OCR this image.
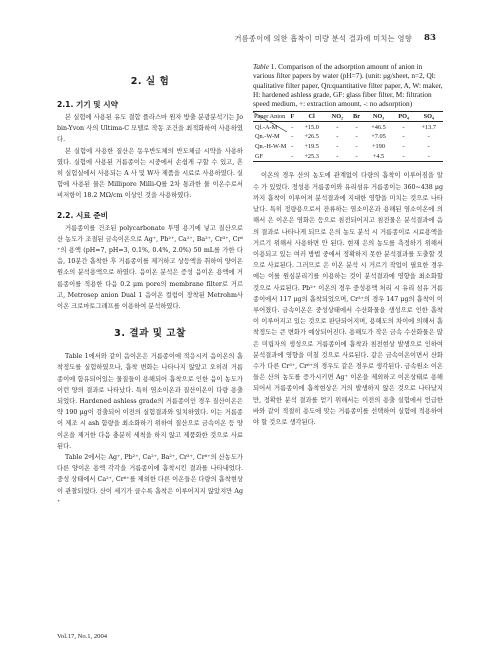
거름종이에 의한 흡착이 미량 분석 결과에 미치는 영향 83
2. 실 험
2.1. 기기 및 시약

본 실험에 사용된 유도 결합 플라스마 원자 방출 분광분석기는 Jobin-Yvon 사의 Ultima-C 모델로 작동 조건을 최적화하여 사용하였다.

본 실험에 사용한 질산은 동우반도체의 반도체급 시약을 사용하였다. 실험에 사용된 거름종이는 시중에서 손쉽게 구할 수 있고, 흔히 실험실에서 사용되는 A 사 및 W사 제품을 시료로 사용하였다. 실험에 사용된 물은 Millipore Milli-Q를 2차 통과한 물 이온수로서 비저항이 18.2 MΩ/cm 이상인 것을 사용하였다.

2.2. 시료 준비

거름종이를 건조된 polycarbonate 투명 용기에 넣고 질산으로 산 농도가 조절된 금속이온으로 Ag⁺, Pb²⁺, Ca²⁺, Ba²⁺, Cr³⁺, Cr⁶⁺의 용액 (pH=7, pH=3, 0.1%, 0.4%, 2.0%) 50 mL를 가한 다음, 10분간 흡착한 후 거름종이를 제거하고 상등액을 취하여 양이온 원소의 분석용액으로 하였다. 음이온 분석은 증성 음이온 용액에 거름종이를 적용한 다음 0.2 μm pore의 membrane filter로 거르고, Metrosep anion Dual 1 음이온 컬럼이 장착된 Metrohm사 이온 크로마토그래프를 이용하여 분석하였다.

3. 결과 및 고찰

Table 1에서와 같이 음이온은 거름종이에 적응시켜 음이온의 흡착정도를 실험하였으나, 흡착 변화는 나타나지 않았고 오히려 거름종이에 함유되어있는 물질들이 용해되어 흡착으로 인한 음이 농도가 이런 양의 결과로 나타났다. 특히 염소이온과 질산이온이 다량 용출되었다. Hardened ashless grade의 거름종이인 경우 질산이온은 약 190 μg이 검출되어 이전의 실험결과와 일치하였다. 이는 거름종이 제조 시 ash 함량을 최소화하기 위하여 질산으로 금속이온 등 양이온을 제거한 다음 충분히 세척을 하지 않고 제품화한 것으로 사료된다.

Table 2에서는 Ag⁺, Pb²⁺, Ca²⁺, Ba²⁺, Cr³⁺, Cr⁶⁺의 산농도가 다른 양이온 용액 각각을 거름종이에 흡착시킨 결과를 나타내었다. 중성 상태에서 Ca²⁺, Cr⁶⁺를 제외한 다른 이온들은 다량의 흡착현상이 관찰되었다. 산이 세기가 클수록 흡착은 이루어지지 않았지만 Ag⁺

Table 1. Comparison of the adsorption amount of anion in various filter papers by water (pH=7). (unit: μg/sheet, n=2, Ql: qualitative filter paper, Qn:quantitative filter paper, A, W: maker, H: hardened ashless grade, GF: glass fiber filter, M: filtration speed medium, +: extraction amount, -: no adsorption)
Anion
Paper	F	Cl	NO₂	Br	NO₃	PO₄	SO₄
Ql.-A-M	-	+15.0	-	-	+46.5	-	+13.7
Qn.-W-M	-	+26.5	-	-	+7.05	-	-
Qn.-H-W-M	-	+19.5	-	-	+190	-	-
GF	-	+25.3	-	-	+4.5	-	-

이온의 경우 산의 농도에 관계없이 다량의 흡착이 이루어짐을 알 수 가 있었다. 정성용 거름종이와 유리섬유 거름종이는 360~438 μg 까지 흡착이 이루어져 분석결과에 지대한 영향을 미치는 것으로 나타났다. 특히 정량용으로서 잔류하는 염소이온과 용해된 염소이온에 의해서 은 이온은 염화은 등으로 침전되어지고 침전물은 분석결과에 음의 결과로 나타나게 되므로 은의 농도 분석 시 거름종이로 시료용액을 거르기 위해서 사용하면 안 된다. 현재 은의 농도를 측정하기 위해서 이용되고 있는 여러 방법 중에서 정확하지 못한 분석결과를 도출할 것으로 사료된다. 그러므로 은 이온 분석 시 거르기 작업이 필요한 경우에는 이를 원심분리기를 이용하는 것이 분석결과에 영향을 최소화할 것으로 사료된다. Pb²⁺ 이온의 경우 중성용액 처리 시 유리 섬유 거름종이에서 117 μg의 흡착되었으며, Cr³⁺의 경우 147 μg의 흡착이 이루어졌다. 금속이온은 중성상태에서 수산화물을 생성으로 인한 흡착이 이루어지고 있는 것으로 판단되어지며, 용해도의 차이에 의해서 흡착정도는 큰 변화가 예상되어진다. 용해도가 작은 금속 수산화물은 많은 미립자의 생성으로 거름종이에 흡착과 침전현상 발생으로 인하여 분석결과에 영향을 미칠 것으로 사료된다. 같은 금속이온이면서 산화수가 다른 Cr³⁺, Cr⁶⁺의 경우도 같은 경우로 생각된다. 금속원소 이온들은 산의 농도를 증가시키면 Ag⁺ 이온을 제외하고 이온상태로 용해되어서 거름종이에 흡착현상은 거의 발생하지 않은 것으로 나타났지만, 정확한 분석 결과를 얻기 위해서는 이전의 용출 실험에서 언급한 바와 같이 적절히 용도에 맞는 거름종이를 선택하여 실험에 적용하여야 할 것으로 생각된다.

Vol.17, No.1, 2004
